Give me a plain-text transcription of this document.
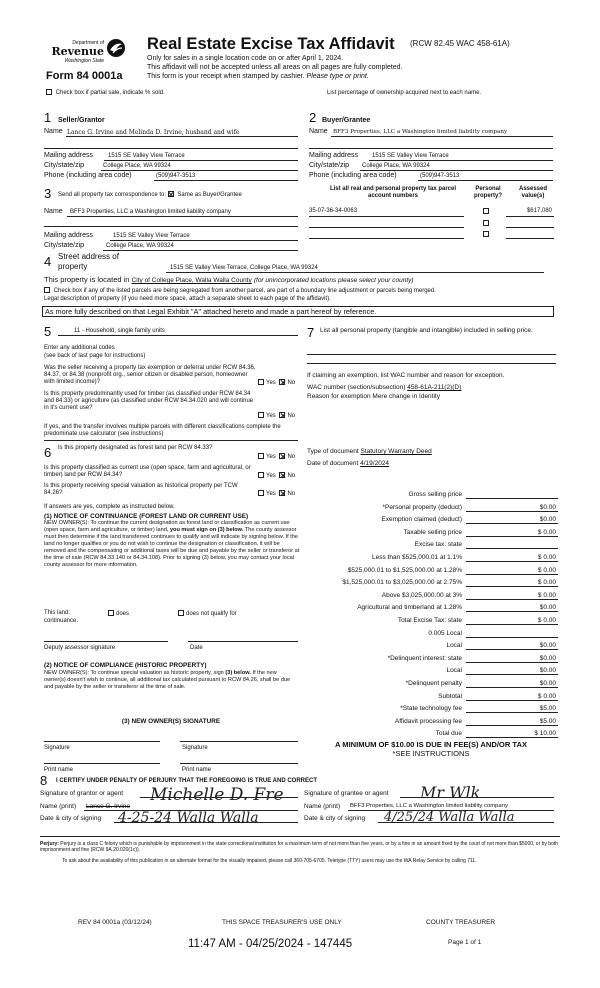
Department of
Revenue
Washington State
Form 84 0001a
Real Estate Excise Tax Affidavit (RCW 82.45 WAC 458-61A)
Only for sales in a single location code on or after April 1, 2024.
This affidavit will not be accepted unless all areas on all pages are fully completed.
This form is your receipt when stamped by cashier. Please type or print.
Check box if partial sale, indicate % sold.	List percentage of ownership acquired next to each name.
1 Seller/Grantor
Name Lance G. Irvine and Melinda D. Irvine, husband and wife
Mailing address 1515 SE Valley View Terrace
City/state/zip	College Place, WA 99324
Phone (including area code)	(509)947-3513
2 Buyer/Grantee
Name BFF3 Properties, LLC a Washington limited liability company
Mailing address 1515 SE Valley View Terrace
City/state/zip College Place, WA 99324
Phone (including area code)	(509)947-3513
3 Send all property tax correspondence to: Same as Buyer/Grantee
Name BFF3 Properties, LLC a Washington limited liability company
Mailing address	1515 SE Valley View Terrace
City/state/zip	College Place, WA 99324
List all real and personal property tax parcel account numbers
Personal property?
Assessed value(s)
35-07-36-34-0063	$617,080
4 Street address of
property	1515 SE Valley View Terrace, College Place, WA 99324
This property is located in City of College Place, Walla Walla County (for unincorporated locations please select your county)
Check box if any of the listed parcels are being segregated from another parcel, are part of a boundary line adjustment or parcels being merged.
Legal description of property (if you need more space, attach a separate sheet to each page of the affidavit).
As more fully described on that Legal Exhibit "A" attached hereto and made a part hereof by reference.
5	11 - Household, single family units
Enter any additional codes
(see back of last page for instructions)
Was the seller receiving a property tax exemption or deferral under RCW 84.36, 84.37, or 84.38 (nonprofit org., senior citizen or disabled person, homeowner with limited income)?	Yes No
Is this property predominantly used for timber (as classified under RCW 84.34 and 84.33) or agriculture (as classified under RCW 84.34.020 and will continue in it's current use?
Yes No
If yes, and the transfer involves multiple parcels with different classifications complete the predominate use calculator (see instructions)
6 Is this property designated as forest land per RCW 84.33?
Yes No
Is this property classified as current use (open space, farm and agricultural, or timber) land per RCW 84.34?	Yes No
Is this property receiving special valuation as historical property per TCW 84.26?	Yes No
If answers are yes, complete as instructed below.
(1) NOTICE OF CONTINUANCE (FOREST LAND OR CURRENT USE)
NEW OWNER(S): To continue the current designation as forest land or classification as current use (open space, farm and agriculture, or timber) land, you must sign on (3) below. The county assessor must then determine if the land transferred continues to qualify and will indicate by signing below. If the land no longer qualifies or you do not wish to continue the designation or classification, it will be removed and the compensating or additional taxes will be due and payable by the seller or transferor at the time of sale (RCW 84.33.140 or 84.34.108). Prior to signing (3) below, you may contact your local county assessor for more information.
This land:
continuance.
does	does not qualify for
Deputy assessor signature	Date
(2) NOTICE OF COMPLIANCE (HISTORIC PROPERTY)
NEW OWNER(S): To continue special valuation as historic property, sign (3) below. If the new owner(s) doesn't wish to continue, all additional tax calculated pursuant to RCW 84.26, shall be due and payable by the seller or transferor at the time of sale.
(3) NEW OWNER(S) SIGNATURE
Signature	Signature
Print name	Print name
7 List all personal property (tangible and intangible) included in selling price.
If claiming an exemption, list WAC number and reason for exception.
WAC number (section/subsection) 458-61A-211(2)(D)
Reason for exemption Mere change in Identity
Type of document Statutory Warranty Deed
Date of document 4/19/2024
Gross selling price
*Personal property (deduct)	$0.00
Exemption claimed (deduct)	$0.00
Taxable selling price	$ 0.00
Excise tax: state
Less than $525,000.01 at 1.1%	$ 0.00
$525,000.01 to $1,525,000.00 at 1.28%	$ 0.00
$1,525,000.01 to $3,025,000.00 at 2.75%	$ 0.00
Above $3,025,000.00 at 3%	$ 0.00
Agricultural and timberland at 1.28%	$0.00
Total Excise Tax: state	$ 0.00
0.005 Local
Local	$0.00
*Delinquent interest: state	$0.00
Local	$0.00
*Delinquent penalty	$0.00
Subtotal	$ 0.00
*State technology fee	$5.00
Affidavit processing fee	$5.00
Total due	$ 10.00
A MINIMUM OF $10.00 IS DUE IN FEE(S) AND/OR TAX
*SEE INSTRUCTIONS
8 I CERTIFY UNDER PENALTY OF PERJURY THAT THE FOREGOING IS TRUE AND CORRECT
Signature of grantor or agent
Name (print) Lance G. Irvine
Date & city of signing
Michelle D. Fre
4-25-24 Walla Walla
Signature of grantee or agent
Name (print) BFF3 Properties, LLC a Washington limited liability company
Date & city of signing
Mr Wlk
4/25/24 Walla Walla
Perjury: Perjury is a class C felony which is punishable by imprisonment in the state correctional institution for a maximum term of not more than five years, or by a fine in an amount fixed by the court of not more than $5000, or by both imprisonment and fine (RCW 9A.20.020(1c)).
To ask about the availability of this publication in an alternate format for the visually impaired, please call 360-705-6705. Teletype (TTY) users may use the WA Relay Service by calling 711.
REV 84 0001a (03/12/24)	THIS SPACE TREASURER'S USE ONLY	COUNTY TREASURER
11:47 AM - 04/25/2024 - 147445	Page 1 of 1
